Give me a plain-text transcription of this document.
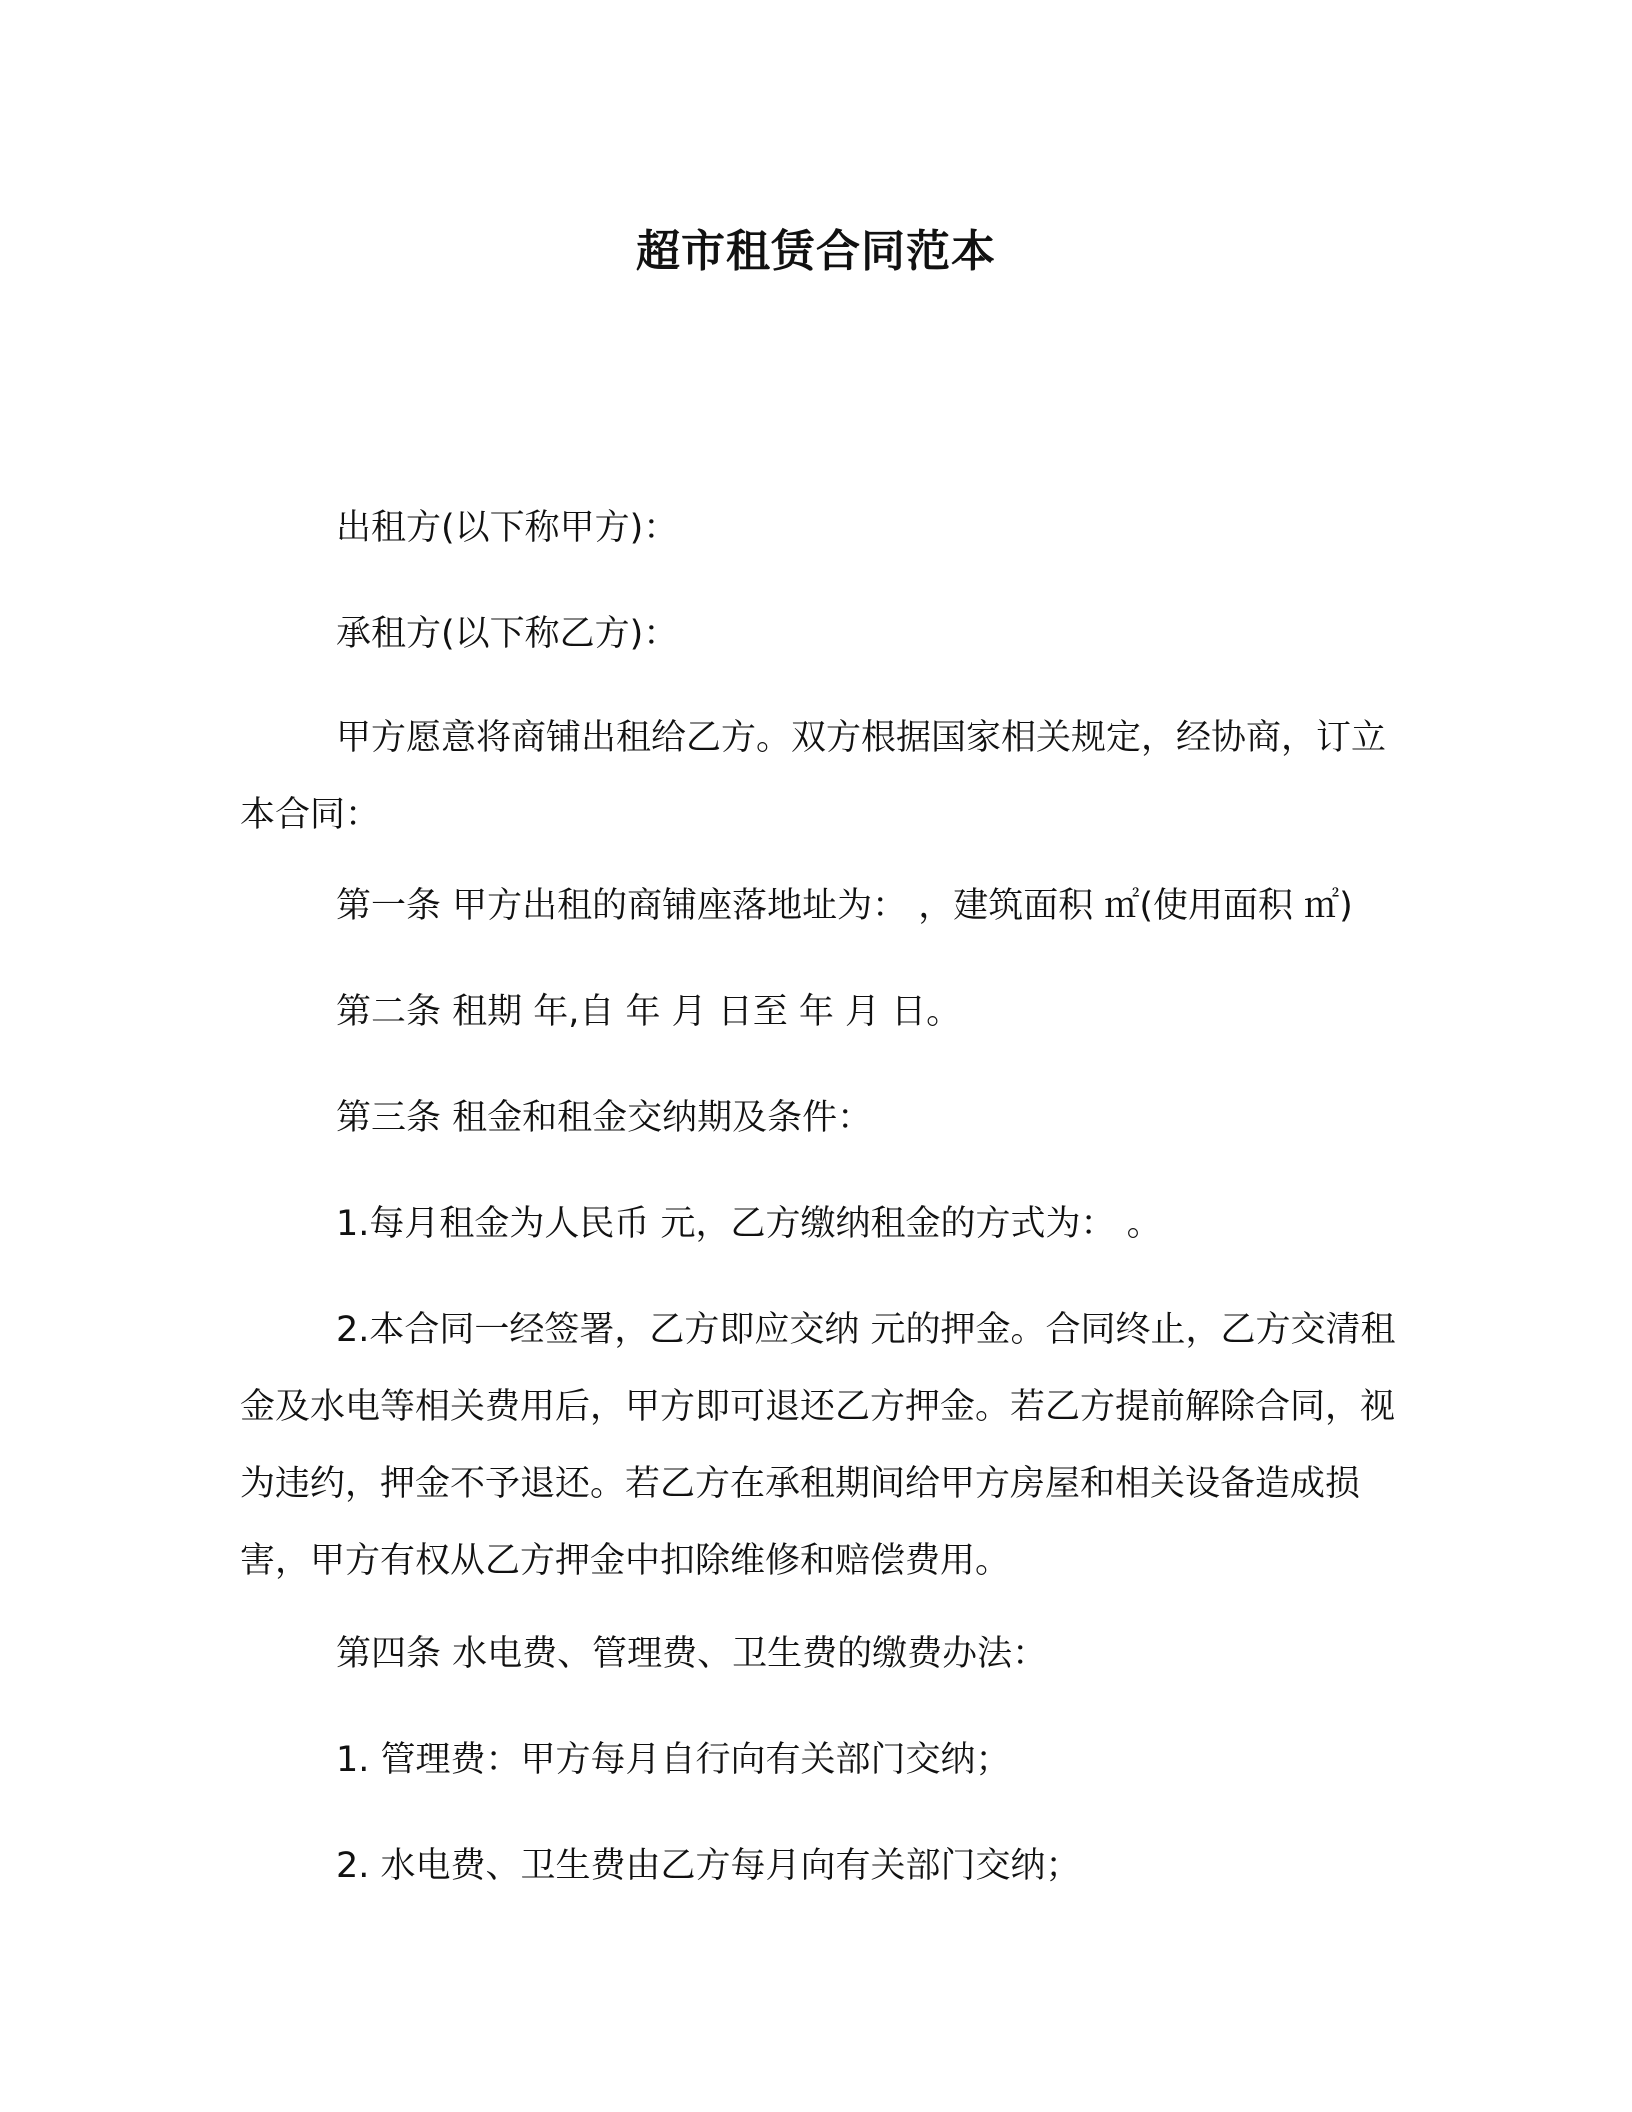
超市租赁合同范本

出租方(以下称甲方)：

承租方(以下称乙方)：

甲方愿意将商铺出租给乙方。双方根据国家相关规定，经协商，订立本合同：

第一条 甲方出租的商铺座落地址为： ，建筑面积 ㎡(使用面积 ㎡)

第二条 租期 年,自 年 月 日至 年 月 日。

第三条 租金和租金交纳期及条件：

1.每月租金为人民币 元，乙方缴纳租金的方式为： 。

2.本合同一经签署，乙方即应交纳 元的押金。合同终止，乙方交清租金及水电等相关费用后，甲方即可退还乙方押金。若乙方提前解除合同，视为违约，押金不予退还。若乙方在承租期间给甲方房屋和相关设备造成损害，甲方有权从乙方押金中扣除维修和赔偿费用。

第四条 水电费、管理费、卫生费的缴费办法：

1. 管理费：甲方每月自行向有关部门交纳；

2. 水电费、卫生费由乙方每月向有关部门交纳；
